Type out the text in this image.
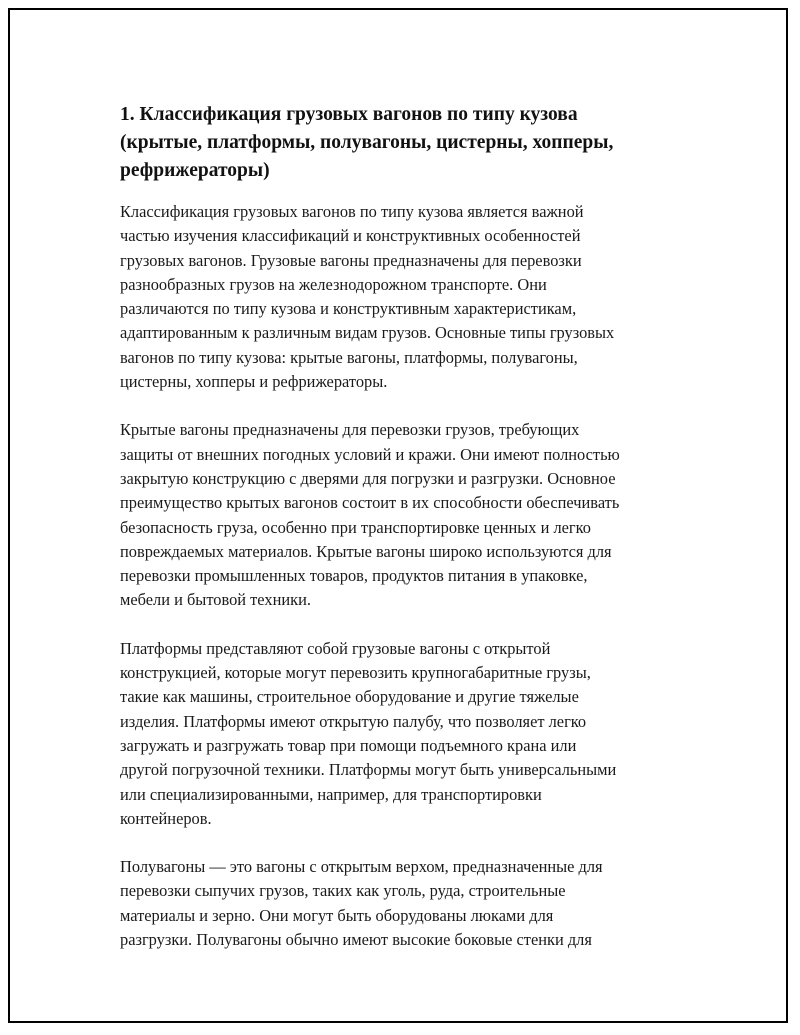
1. Классификация грузовых вагонов по типу кузова
(крытые, платформы, полувагоны, цистерны, хопперы,
рефрижераторы)
Классификация грузовых вагонов по типу кузова является важной
частью изучения классификаций и конструктивных особенностей
грузовых вагонов. Грузовые вагоны предназначены для перевозки
разнообразных грузов на железнодорожном транспорте. Они
различаются по типу кузова и конструктивным характеристикам,
адаптированным к различным видам грузов. Основные типы грузовых
вагонов по типу кузова: крытые вагоны, платформы, полувагоны,
цистерны, хопперы и рефрижераторы.
Крытые вагоны предназначены для перевозки грузов, требующих
защиты от внешних погодных условий и кражи. Они имеют полностью
закрытую конструкцию с дверями для погрузки и разгрузки. Основное
преимущество крытых вагонов состоит в их способности обеспечивать
безопасность груза, особенно при транспортировке ценных и легко
повреждаемых материалов. Крытые вагоны широко используются для
перевозки промышленных товаров, продуктов питания в упаковке,
мебели и бытовой техники.
Платформы представляют собой грузовые вагоны с открытой
конструкцией, которые могут перевозить крупногабаритные грузы,
такие как машины, строительное оборудование и другие тяжелые
изделия. Платформы имеют открытую палубу, что позволяет легко
загружать и разгружать товар при помощи подъемного крана или
другой погрузочной техники. Платформы могут быть универсальными
или специализированными, например, для транспортировки
контейнеров.
Полувагоны — это вагоны с открытым верхом, предназначенные для
перевозки сыпучих грузов, таких как уголь, руда, строительные
материалы и зерно. Они могут быть оборудованы люками для
разгрузки. Полувагоны обычно имеют высокие боковые стенки для
